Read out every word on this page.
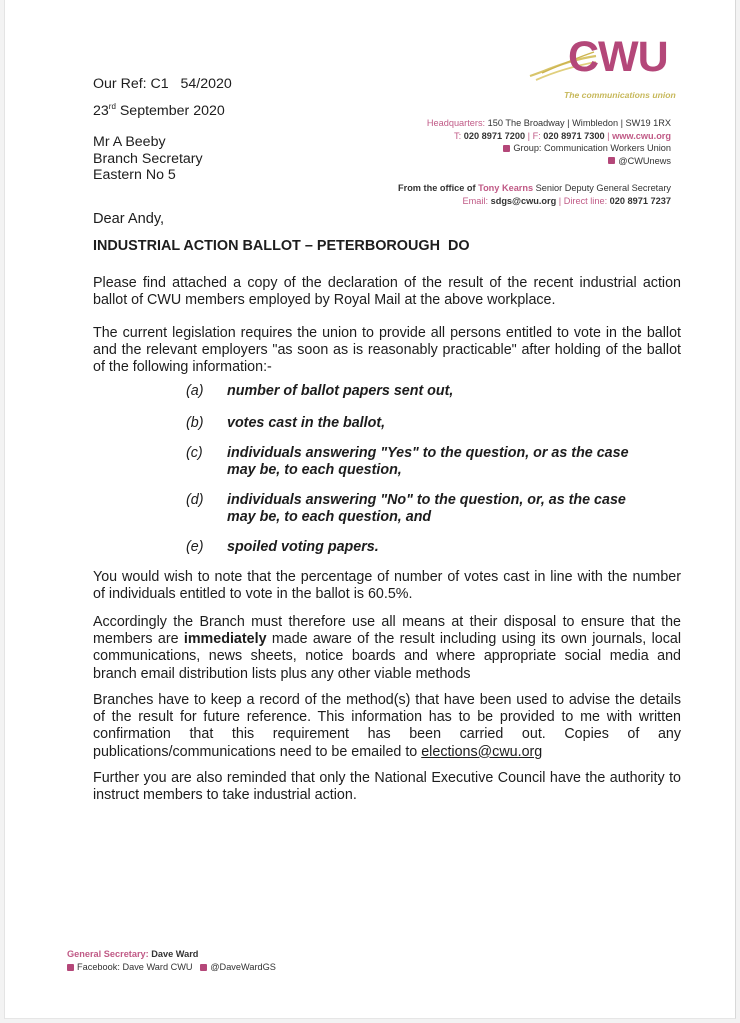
CWU
The communications union
Headquarters: 150 The Broadway | Wimbledon | SW19 1RX
T: 020 8971 7200 | F: 020 8971 7300 | www.cwu.org
Group: Communication Workers Union
@CWUnews
From the office of Tony Kearns Senior Deputy General Secretary
Email: sdgs@cwu.org | Direct line: 020 8971 7237
Our Ref: C1   54/2020
23rd September 2020
Mr A Beeby
Branch Secretary
Eastern No 5
Dear Andy,
INDUSTRIAL ACTION BALLOT – PETERBOROUGH  DO
Please find attached a copy of the declaration of the result of the recent industrial action ballot of CWU members employed by Royal Mail at the above workplace.
The current legislation requires the union to provide all persons entitled to vote in the ballot and the relevant employers "as soon as is reasonably practicable" after holding of the ballot of the following information:-
(a) number of ballot papers sent out,
(b) votes cast in the ballot,
(c) individuals answering "Yes" to the question, or as the case may be, to each question,
(d) individuals answering "No" to the question, or, as the case may be, to each question, and
(e) spoiled voting papers.
You would wish to note that the percentage of number of votes cast in line with the number of individuals entitled to vote in the ballot is 60.5%.
Accordingly the Branch must therefore use all means at their disposal to ensure that the members are immediately made aware of the result including using its own journals, local communications, news sheets, notice boards and where appropriate social media and branch email distribution lists plus any other viable methods
Branches have to keep a record of the method(s) that have been used to advise the details of the result for future reference. This information has to be provided to me with written confirmation that this requirement has been carried out. Copies of any publications/communications need to be emailed to elections@cwu.org
Further you are also reminded that only the National Executive Council have the authority to instruct members to take industrial action.
General Secretary: Dave Ward
Facebook: Dave Ward CWU @DaveWardGS
